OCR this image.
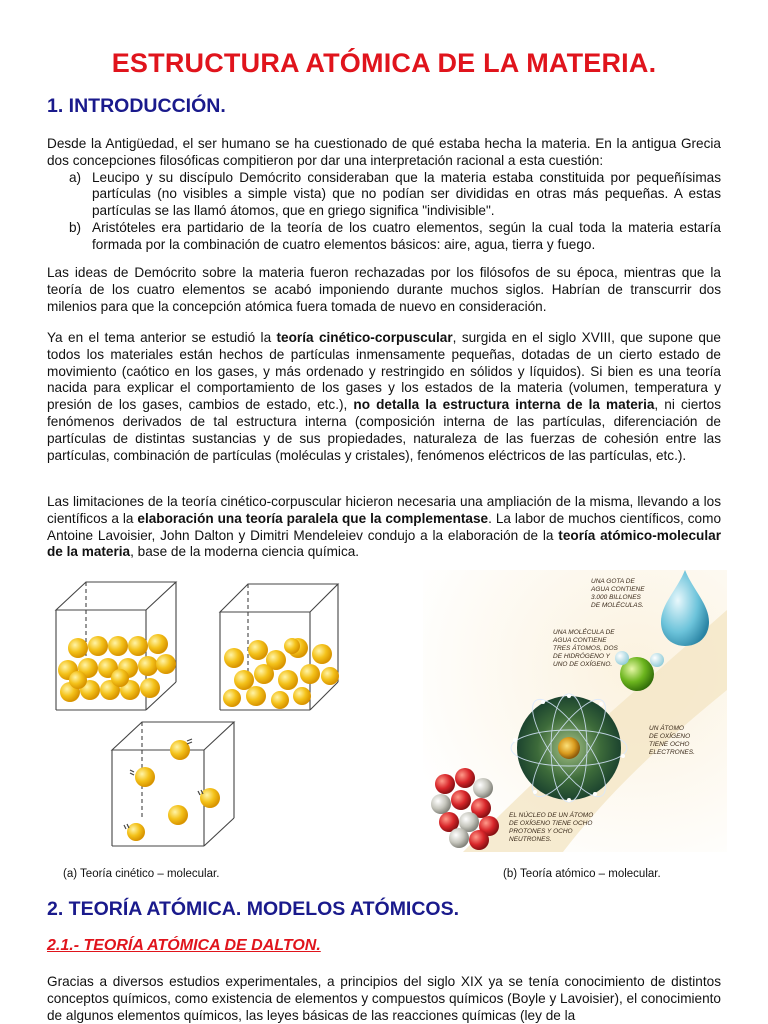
ESTRUCTURA ATÓMICA DE LA MATERIA.
1. INTRODUCCIÓN.

Desde la Antigüedad, el ser humano se ha cuestionado de qué estaba hecha la materia. En la antigua Grecia dos concepciones filosóficas compitieron por dar una interpretación racional a esta cuestión:

a) Leucipo y su discípulo Demócrito consideraban que la materia estaba constituida por pequeñísimas partículas (no visibles a simple vista) que no podían ser divididas en otras más pequeñas. A estas partículas se las llamó átomos, que en griego significa "indivisible".
b) Aristóteles era partidario de la teoría de los cuatro elementos, según la cual toda la materia estaría formada por la combinación de cuatro elementos básicos: aire, agua, tierra y fuego.

Las ideas de Demócrito sobre la materia fueron rechazadas por los filósofos de su época, mientras que la teoría de los cuatro elementos se acabó imponiendo durante muchos siglos. Habrían de transcurrir dos milenios para que la concepción atómica fuera tomada de nuevo en consideración.

Ya en el tema anterior se estudió la teoría cinético-corpuscular, surgida en el siglo XVIII, que supone que todos los materiales están hechos de partículas inmensamente pequeñas, dotadas de un cierto estado de movimiento (caótico en los gases, y más ordenado y restringido en sólidos y líquidos). Si bien es una teoría nacida para explicar el comportamiento de los gases y los estados de la materia (volumen, temperatura y presión de los gases, cambios de estado, etc.), no detalla la estructura interna de la materia, ni ciertos fenómenos derivados de tal estructura interna (composición interna de las partículas, diferenciación de partículas de distintas sustancias y de sus propiedades, naturaleza de las fuerzas de cohesión entre las partículas, combinación de partículas (moléculas y cristales), fenómenos eléctricos de las partículas, etc.).

Las limitaciones de la teoría cinético-corpuscular hicieron necesaria una ampliación de la misma, llevando a los científicos a la elaboración una teoría paralela que la complementase. La labor de muchos científicos, como Antoine Lavoisier, John Dalton y Dimitri Mendeleiev condujo a la elaboración de la teoría atómico-molecular de la materia, base de la moderna ciencia química.

UNA GOTA DE
AGUA CONTIENE
3.000 BILLONES
DE MOLÉCULAS.
UNA MOLÉCULA DE
AGUA CONTIENE
TRES ÁTOMOS, DOS
DE HIDRÓGENO Y
UNO DE OXÍGENO.
UN ÁTOMO
DE OXÍGENO
TIENE OCHO
ELECTRONES.
EL NÚCLEO DE UN ÁTOMO
DE OXÍGENO TIENE OCHO
PROTONES Y OCHO
NEUTRONES.
(a) Teoría cinético – molecular.	(b) Teoría atómico – molecular.
2. TEORÍA ATÓMICA. MODELOS ATÓMICOS.
2.1.- TEORÍA ATÓMICA DE DALTON.

Gracias a diversos estudios experimentales, a principios del siglo XIX ya se tenía conocimiento de distintos conceptos químicos, como existencia de elementos y compuestos químicos (Boyle y Lavoisier), el conocimiento de algunos elementos químicos, las leyes básicas de las reacciones químicas (ley de la
